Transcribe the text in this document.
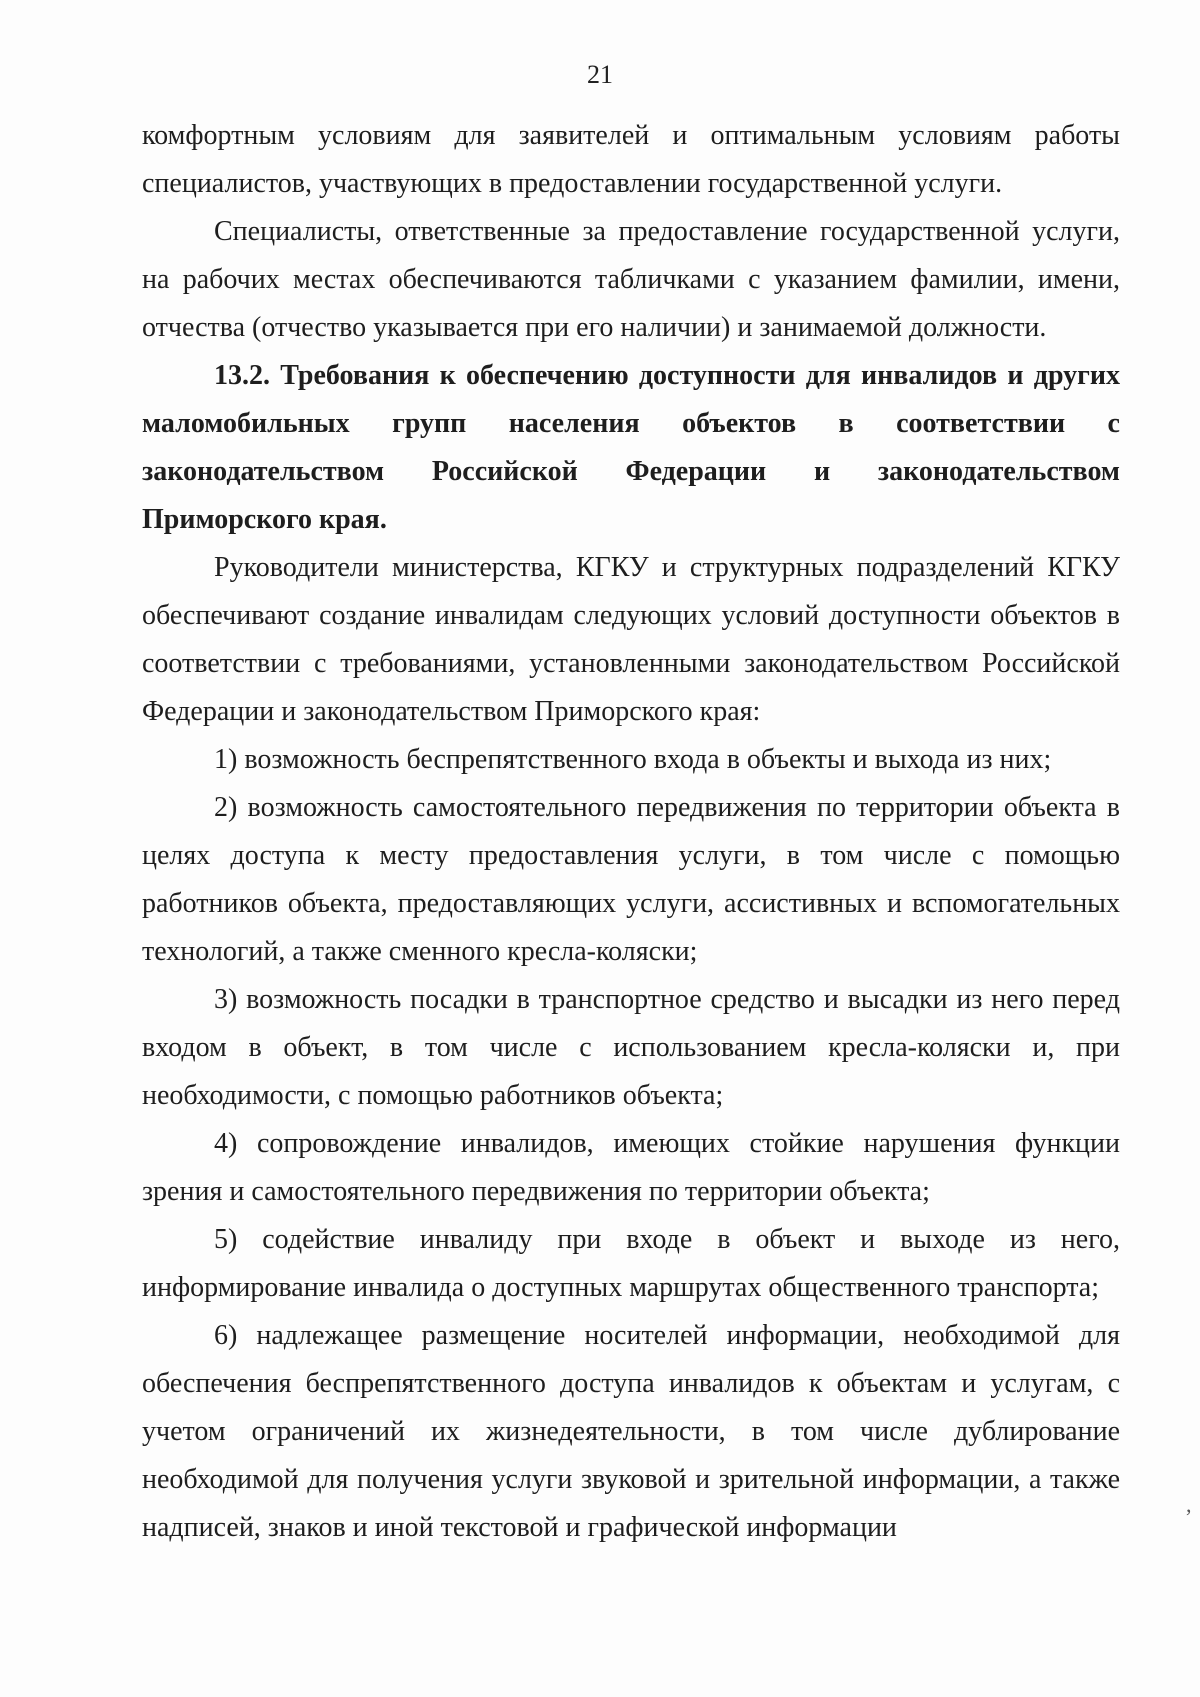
21

комфортным условиям для заявителей и оптимальным условиям работы специалистов, участвующих в предоставлении государственной услуги.

Специалисты, ответственные за предоставление государственной услуги, на рабочих местах обеспечиваются табличками с указанием фамилии, имени, отчества (отчество указывается при его наличии) и занимаемой должности.

13.2. Требования к обеспечению доступности для инвалидов и других маломобильных групп населения объектов в соответствии с законодательством Российской Федерации и законодательством Приморского края.

Руководители министерства, КГКУ и структурных подразделений КГКУ обеспечивают создание инвалидам следующих условий доступности объектов в соответствии с требованиями, установленными законодательством Российской Федерации и законодательством Приморского края:

1) возможность беспрепятственного входа в объекты и выхода из них;

2) возможность самостоятельного передвижения по территории объекта в целях доступа к месту предоставления услуги, в том числе с помощью работников объекта, предоставляющих услуги, ассистивных и вспомогательных технологий, а также сменного кресла-коляски;

3) возможность посадки в транспортное средство и высадки из него перед входом в объект, в том числе с использованием кресла-коляски и, при необходимости, с помощью работников объекта;

4) сопровождение инвалидов, имеющих стойкие нарушения функции зрения и самостоятельного передвижения по территории объекта;

5) содействие инвалиду при входе в объект и выходе из него, информирование инвалида о доступных маршрутах общественного транспорта;

6) надлежащее размещение носителей информации, необходимой для обеспечения беспрепятственного доступа инвалидов к объектам и услугам, с учетом ограничений их жизнедеятельности, в том числе дублирование необходимой для получения услуги звуковой и зрительной информации, а также надписей, знаков и иной текстовой и графической информации

,
